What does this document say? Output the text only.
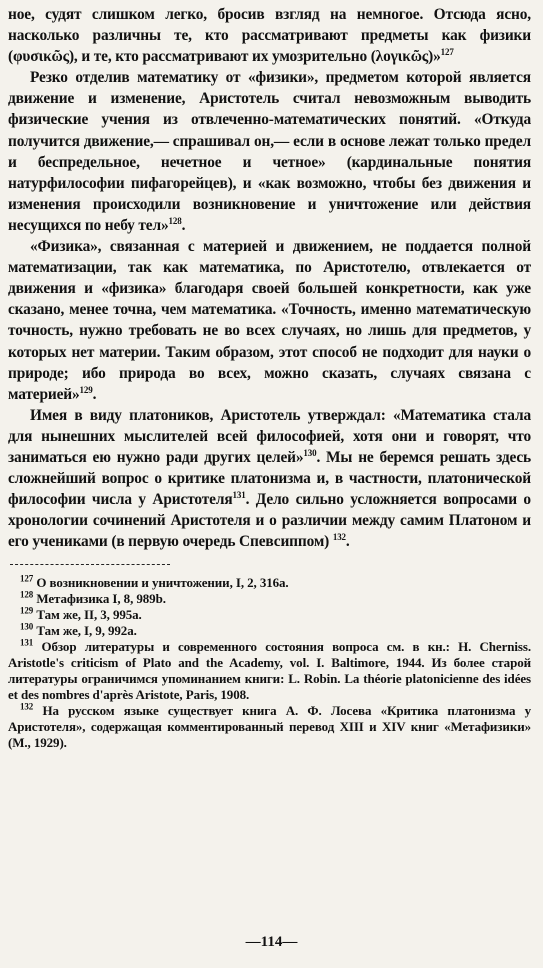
ное, судят слишком легко, бросив взгляд на немногое. Отсюда ясно, насколько различны те, кто рассматривают предметы как физики (φυσικῶς), и те, кто рассматривают их умозрительно (λογικῶς)»$^{127}$

Резко отделив математику от «физики», предметом которой является движение и изменение, Аристотель считал невозможным выводить физические учения из отвлеченно-математических понятий. «Откуда получится движение,— спрашивал он,— если в основе лежат только предел и беспредельное, нечетное и четное» (кардинальные понятия натурфилософии пифагорейцев), и «как возможно, чтобы без движения и изменения происходили возникновение и уничтожение или действия несущихся по небу тел»$^{128}$.

«Физика», связанная с материей и движением, не поддается полной математизации, так как математика, по Аристотелю, отвлекается от движения и «физика» благодаря своей большей конкретности, как уже сказано, менее точна, чем математика. «Точность, именно математическую точность, нужно требовать не во всех случаях, но лишь для предметов, у которых нет материи. Таким образом, этот способ не подходит для науки о природе; ибо природа во всех, можно сказать, случаях связана с материей»$^{129}$.

Имея в виду платоников, Аристотель утверждал: «Математика стала для нынешних мыслителей всей философией, хотя они и говорят, что заниматься ею нужно ради других целей»$^{130}$. Мы не беремся решать здесь сложнейший вопрос о критике платонизма и, в частности, платонической философии числа у Аристотеля$^{131}$. Дело сильно усложняется вопросами о хронологии сочинений Аристотеля и о различии между самим Платоном и его учениками (в первую очередь Спевсиппом) $^{132}$.

$^{127}$ О возникновении и уничтожении, I, 2, 316a.

$^{128}$ Метафизика I, 8, 989b.

$^{129}$ Там же, II, 3, 995a.

$^{130}$ Там же, I, 9, 992a.

$^{131}$ Обзор литературы и современного состояния вопроса см. в кн.: H. Cherniss. Aristotle's criticism of Plato and the Academy, vol. I. Baltimore, 1944. Из более старой литературы ограничимся упоминанием книги: L. Robin. La théorie platonicienne des idées et des nombres d'après Aristote, Paris, 1908.

$^{132}$ На русском языке существует книга А. Ф. Лосева «Критика платонизма у Аристотеля», содержащая комментированный перевод XIII и XIV книг «Метафизики» (М., 1929).

—114—
